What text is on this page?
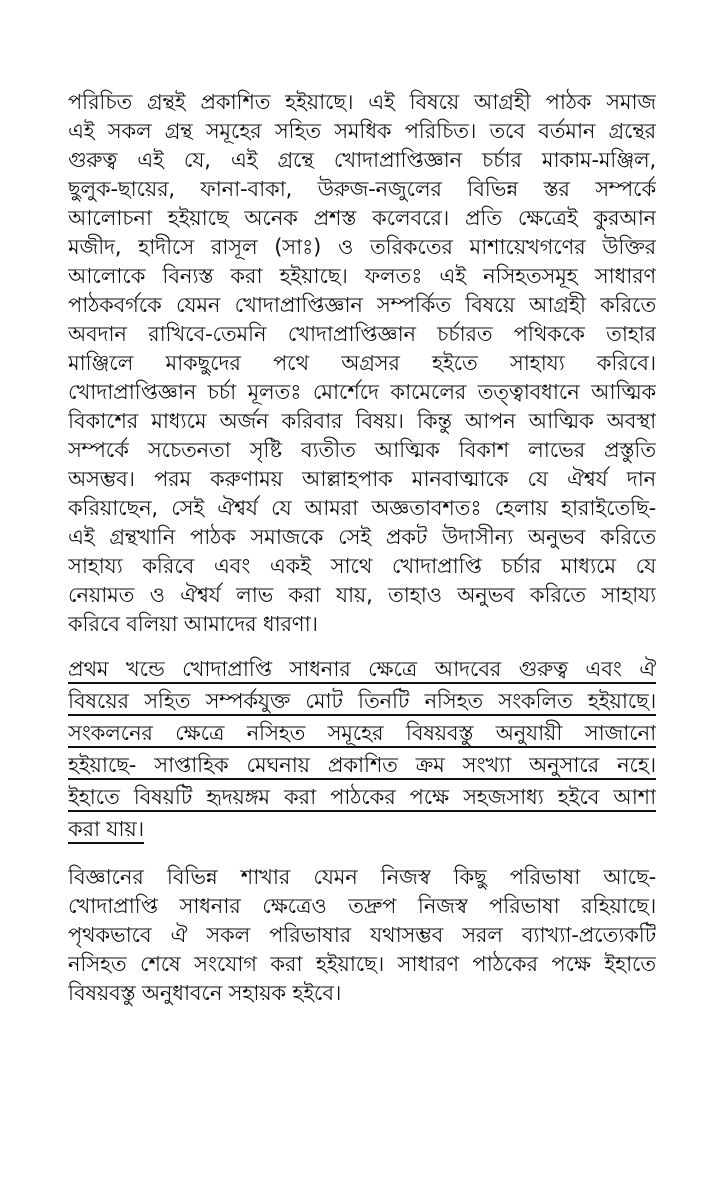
পরিচিত গ্রন্থই প্রকাশিত হইয়াছে। এই বিষয়ে আগ্রহী পাঠক সমাজ
এই সকল গ্রন্থ সমূহের সহিত সমধিক পরিচিত। তবে বর্তমান গ্রন্থের
গুরুত্ব এই যে, এই গ্রন্থে খোদাপ্রাপ্তিজ্ঞান চর্চার মাকাম-মঞ্জিল,
ছুলুক-ছায়ের, ফানা-বাকা, উরুজ-নজুলের বিভিন্ন স্তর সম্পর্কে
আলোচনা হইয়াছে অনেক প্রশস্ত কলেবরে। প্রতি ক্ষেত্রেই কুরআন
মজীদ, হাদীসে রাসূল (সাঃ) ও তরিকতের মাশায়েখগণের উক্তির
আলোকে বিন্যস্ত করা হইয়াছে। ফলতঃ এই নসিহতসমূহ সাধারণ
পাঠকবর্গকে যেমন খোদাপ্রাপ্তিজ্ঞান সম্পর্কিত বিষয়ে আগ্রহী করিতে
অবদান রাখিবে-তেমনি খোদাপ্রাপ্তিজ্ঞান চর্চারত পথিককে তাহার
মাঞ্জিলে মাকছুদের পথে অগ্রসর হইতে সাহায্য করিবে।
খোদাপ্রাপ্তিজ্ঞান চর্চা মূলতঃ মোর্শেদে কামেলের তত্ত্বাবধানে আত্মিক
বিকাশের মাধ্যমে অর্জন করিবার বিষয়। কিন্তু আপন আত্মিক অবস্থা
সম্পর্কে সচেতনতা সৃষ্টি ব্যতীত আত্মিক বিকাশ লাভের প্রস্তুতি
অসম্ভব। পরম করুণাময় আল্লাহপাক মানবাত্মাকে যে ঐশ্বর্য দান
করিয়াছেন, সেই ঐশ্বর্য যে আমরা অজ্ঞতাবশতঃ হেলায় হারাইতেছি-
এই গ্রন্থখানি পাঠক সমাজকে সেই প্রকট উদাসীন্য অনুভব করিতে
সাহায্য করিবে এবং একই সাথে খোদাপ্রাপ্তি চর্চার মাধ্যমে যে
নেয়ামত ও ঐশ্বর্য লাভ করা যায়, তাহাও অনুভব করিতে সাহায্য
করিবে বলিয়া আমাদের ধারণা।
প্রথম খন্ডে খোদাপ্রাপ্তি সাধনার ক্ষেত্রে আদবের গুরুত্ব এবং ঐ
বিষয়ের সহিত সম্পর্কযুক্ত মোট তিনটি নসিহত সংকলিত হইয়াছে।
সংকলনের ক্ষেত্রে নসিহত সমূহের বিষয়বস্তু অনুযায়ী সাজানো
হইয়াছে- সাপ্তাহিক মেঘনায় প্রকাশিত ক্রম সংখ্যা অনুসারে নহে।
ইহাতে বিষয়টি হৃদয়ঙ্গম করা পাঠকের পক্ষে সহজসাধ্য হইবে আশা
করা যায়।
বিজ্ঞানের বিভিন্ন শাখার যেমন নিজস্ব কিছু পরিভাষা আছে-
খোদাপ্রাপ্তি সাধনার ক্ষেত্রেও তদ্রুপ নিজস্ব পরিভাষা রহিয়াছে।
পৃথকভাবে ঐ সকল পরিভাষার যথাসম্ভব সরল ব্যাখ্যা-প্রত্যেকটি
নসিহত শেষে সংযোগ করা হইয়াছে। সাধারণ পাঠকের পক্ষে ইহাতে
বিষয়বস্তু অনুধাবনে সহায়ক হইবে।
